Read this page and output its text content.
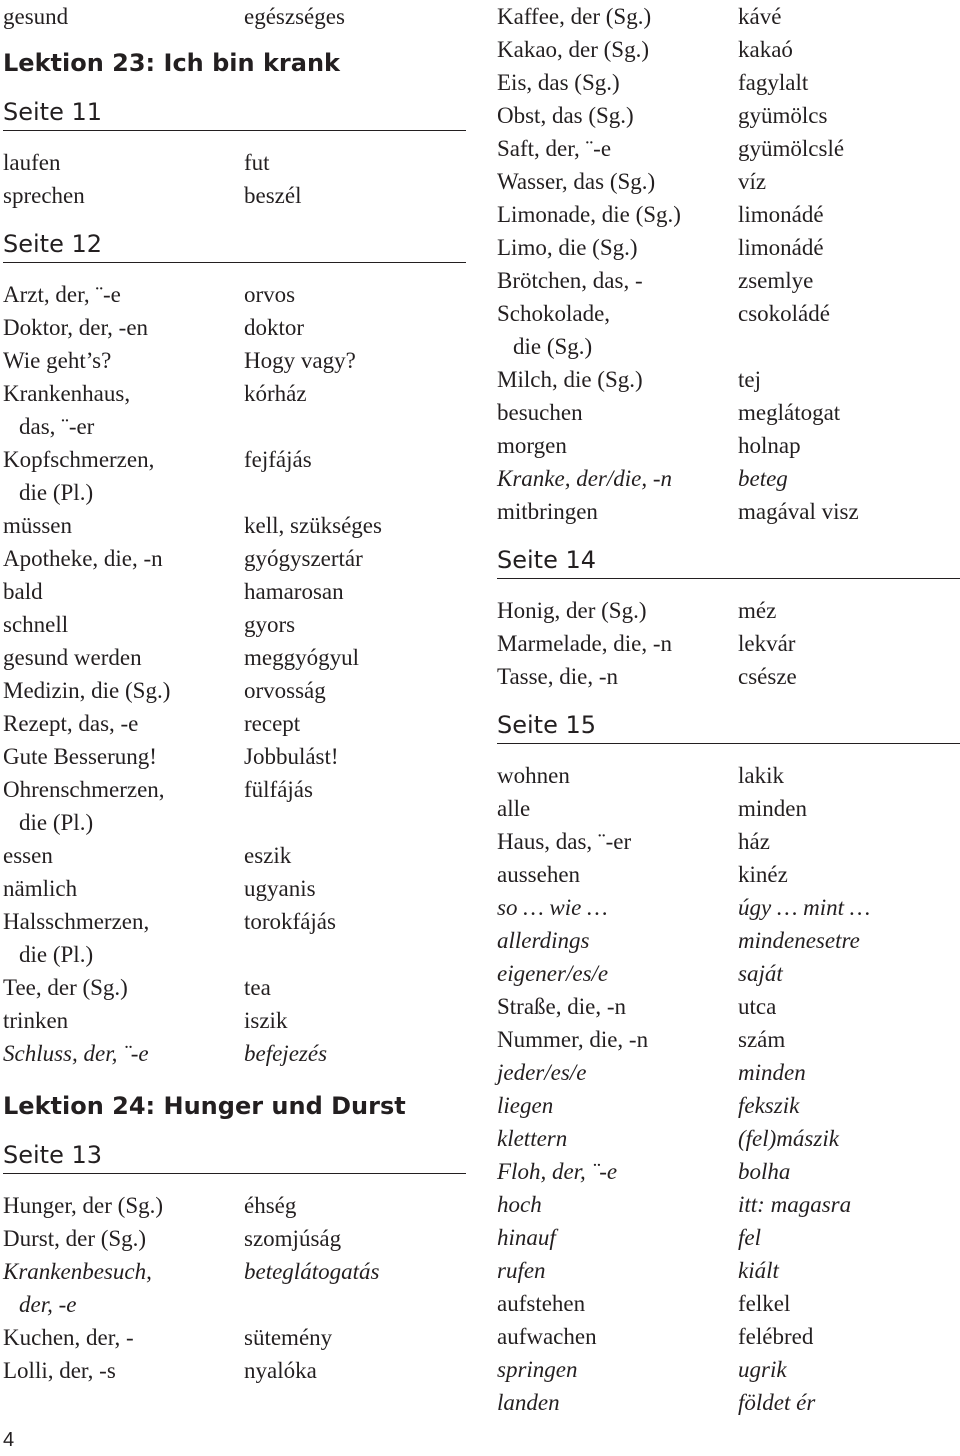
gesund	egészséges
Lektion 23: Ich bin krank
Seite 11
laufen	fut
sprechen	beszél
Seite 12
Arzt, der, ¨-e	orvos
Doktor, der, -en	doktor
Wie geht’s?	Hogy vagy?
Krankenhaus,	kórház
das, ¨-er
Kopfschmerzen,	fejfájás
die (Pl.)
müssen	kell, szükséges
Apotheke, die, -n	gyógyszertár
bald	hamarosan
schnell	gyors
gesund werden	meggyógyul
Medizin, die (Sg.)	orvosság
Rezept, das, -e	recept
Gute Besserung!	Jobbulást!
Ohrenschmerzen,	fülfájás
die (Pl.)
essen	eszik
nämlich	ugyanis
Halsschmerzen,	torokfájás
die (Pl.)
Tee, der (Sg.)	tea
trinken	iszik
Schluss, der, ¨-e	befejezés
Lektion 24: Hunger und Durst
Seite 13
Hunger, der (Sg.)	éhség
Durst, der (Sg.)	szomjúság
Krankenbesuch,	beteglátogatás
der, -e
Kuchen, der, -	sütemény
Lolli, der, -s	nyalóka
Kaffee, der (Sg.)	kávé
Kakao, der (Sg.)	kakaó
Eis, das (Sg.)	fagylalt
Obst, das (Sg.)	gyümölcs
Saft, der, ¨-e	gyümölcslé
Wasser, das (Sg.)	víz
Limonade, die (Sg.) limonádé
Limo, die (Sg.)	limonádé
Brötchen, das, -	zsemlye
Schokolade,	csokoládé
die (Sg.)
Milch, die (Sg.)	tej
besuchen	meglátogat
morgen	holnap
Kranke, der/die, -n	beteg
mitbringen	magával visz
Seite 14
Honig, der (Sg.)	méz
Marmelade, die, -n	lekvár
Tasse, die, -n	csésze
Seite 15
wohnen	lakik
alle	minden
Haus, das, ¨-er	ház
aussehen	kinéz
so … wie …	úgy … mint …
allerdings	mindenesetre
eigener/es/e	saját
Straße, die, -n	utca
Nummer, die, -n	szám
jeder/es/e	minden
liegen	fekszik
klettern	(fel)mászik
Floh, der, ¨-e	bolha
hoch	itt: magasra
hinauf	fel
rufen	kiált
aufstehen	felkel
aufwachen	felébred
springen	ugrik
landen	földet ér
4
